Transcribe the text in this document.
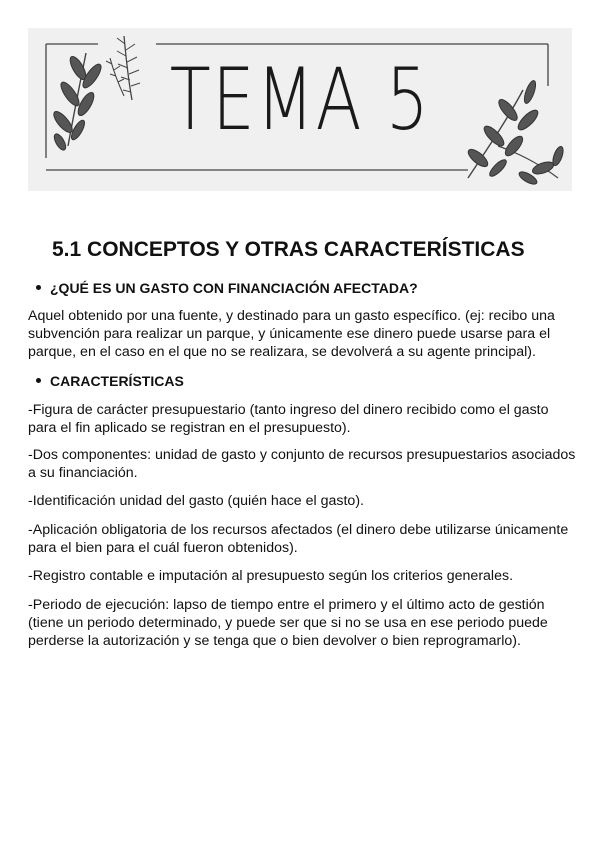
TEMA 5
5.1 CONCEPTOS Y OTRAS CARACTERÍSTICAS

¿QUÉ ES UN GASTO CON FINANCIACIÓN AFECTADA?

Aquel obtenido por una fuente, y destinado para un gasto específico. (ej: recibo una subvención para realizar un parque, y únicamente ese dinero puede usarse para el parque, en el caso en el que no se realizara, se devolverá a su agente principal).

CARACTERÍSTICAS

-Figura de carácter presupuestario (tanto ingreso del dinero recibido como el gasto para el fin aplicado se registran en el presupuesto).

-Dos componentes: unidad de gasto y conjunto de recursos presupuestarios asociados a su financiación.

-Identificación unidad del gasto (quién hace el gasto).

-Aplicación obligatoria de los recursos afectados (el dinero debe utilizarse únicamente para el bien para el cuál fueron obtenidos).

-Registro contable e imputación al presupuesto según los criterios generales.

-Periodo de ejecución: lapso de tiempo entre el primero y el último acto de gestión (tiene un periodo determinado, y puede ser que si no se usa en ese periodo puede perderse la autorización y se tenga que o bien devolver o bien reprogramarlo).
